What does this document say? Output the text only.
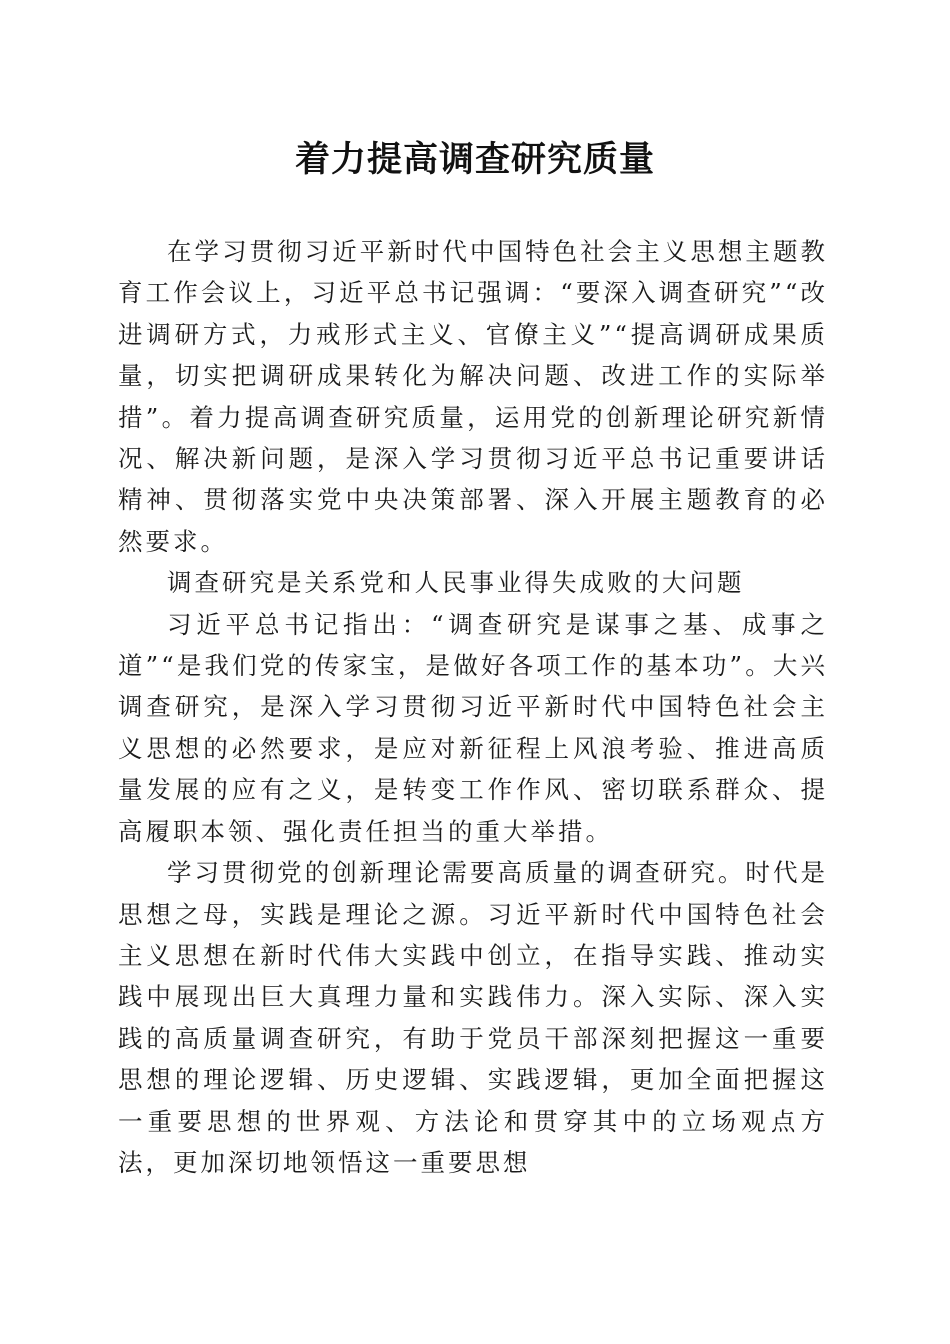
着力提高调查研究质量

在学习贯彻习近平新时代中国特色社会主义思想主题教育工作会议上，习近平总书记强调：“要深入调查研究”“改进调研方式，力戒形式主义、官僚主义”“提高调研成果质量，切实把调研成果转化为解决问题、改进工作的实际举措”。着力提高调查研究质量，运用党的创新理论研究新情况、解决新问题，是深入学习贯彻习近平总书记重要讲话精神、贯彻落实党中央决策部署、深入开展主题教育的必然要求。

调查研究是关系党和人民事业得失成败的大问题

习近平总书记指出：“调查研究是谋事之基、成事之道”“是我们党的传家宝，是做好各项工作的基本功”。大兴调查研究，是深入学习贯彻习近平新时代中国特色社会主义思想的必然要求，是应对新征程上风浪考验、推进高质量发展的应有之义，是转变工作作风、密切联系群众、提高履职本领、强化责任担当的重大举措。

学习贯彻党的创新理论需要高质量的调查研究。时代是思想之母，实践是理论之源。习近平新时代中国特色社会主义思想在新时代伟大实践中创立，在指导实践、推动实践中展现出巨大真理力量和实践伟力。深入实际、深入实践的高质量调查研究，有助于党员干部深刻把握这一重要思想的理论逻辑、历史逻辑、实践逻辑，更加全面把握这一重要思想的世界观、方法论和贯穿其中的立场观点方法，更加深切地领悟这一重要思想
